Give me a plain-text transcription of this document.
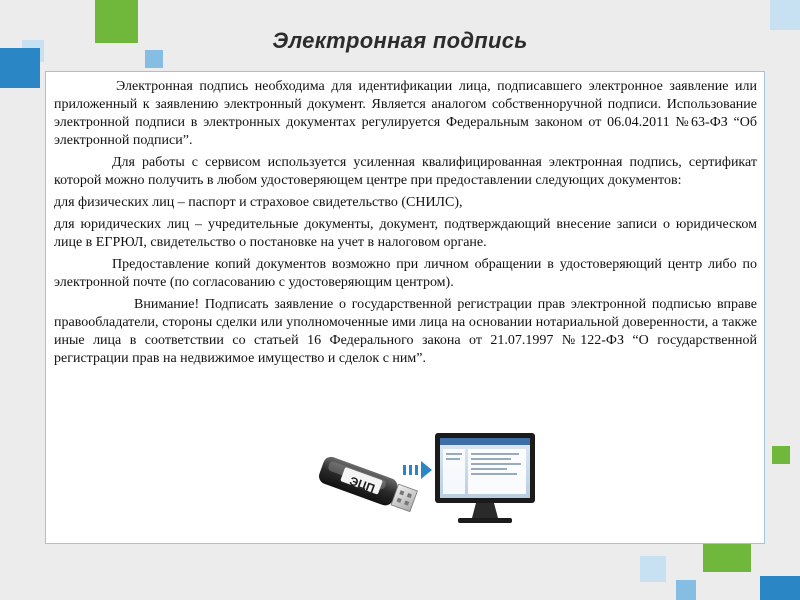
Электронная подпись

Электронная подпись необходима для идентификации лица, подписавшего электронное заявление или приложенный к заявлению электронный документ. Является аналогом собственноручной подписи. Использование электронной подписи в электронных документах регулируется Федеральным законом от 06.04.2011 №63-ФЗ “Об электронной подписи”.

Для работы с сервисом используется усиленная квалифицированная электронная подпись, сертификат которой можно получить в любом удостоверяющем центре при предоставлении следующих документов:

для физических лиц – паспорт и страховое свидетельство (СНИЛС),

для юридических лиц – учредительные документы, документ, подтверждающий внесение записи о юридическом лице в ЕГРЮЛ, свидетельство о постановке на учет в налоговом органе.

Предоставление копий документов возможно при личном обращении в удостоверяющий центр либо по электронной почте (по согласованию с удостоверяющим центром).

Внимание! Подписать заявление о государственной регистрации прав электронной подписью вправе правообладатели, стороны сделки или уполномоченные ими лица на основании нотариальной доверенности, а также иные лица в соответствии со статьей 16 Федерального закона от 21.07.1997 №122-ФЗ “О государственной регистрации прав на недвижимое имущество и сделок с ним”.

ЭЦП
